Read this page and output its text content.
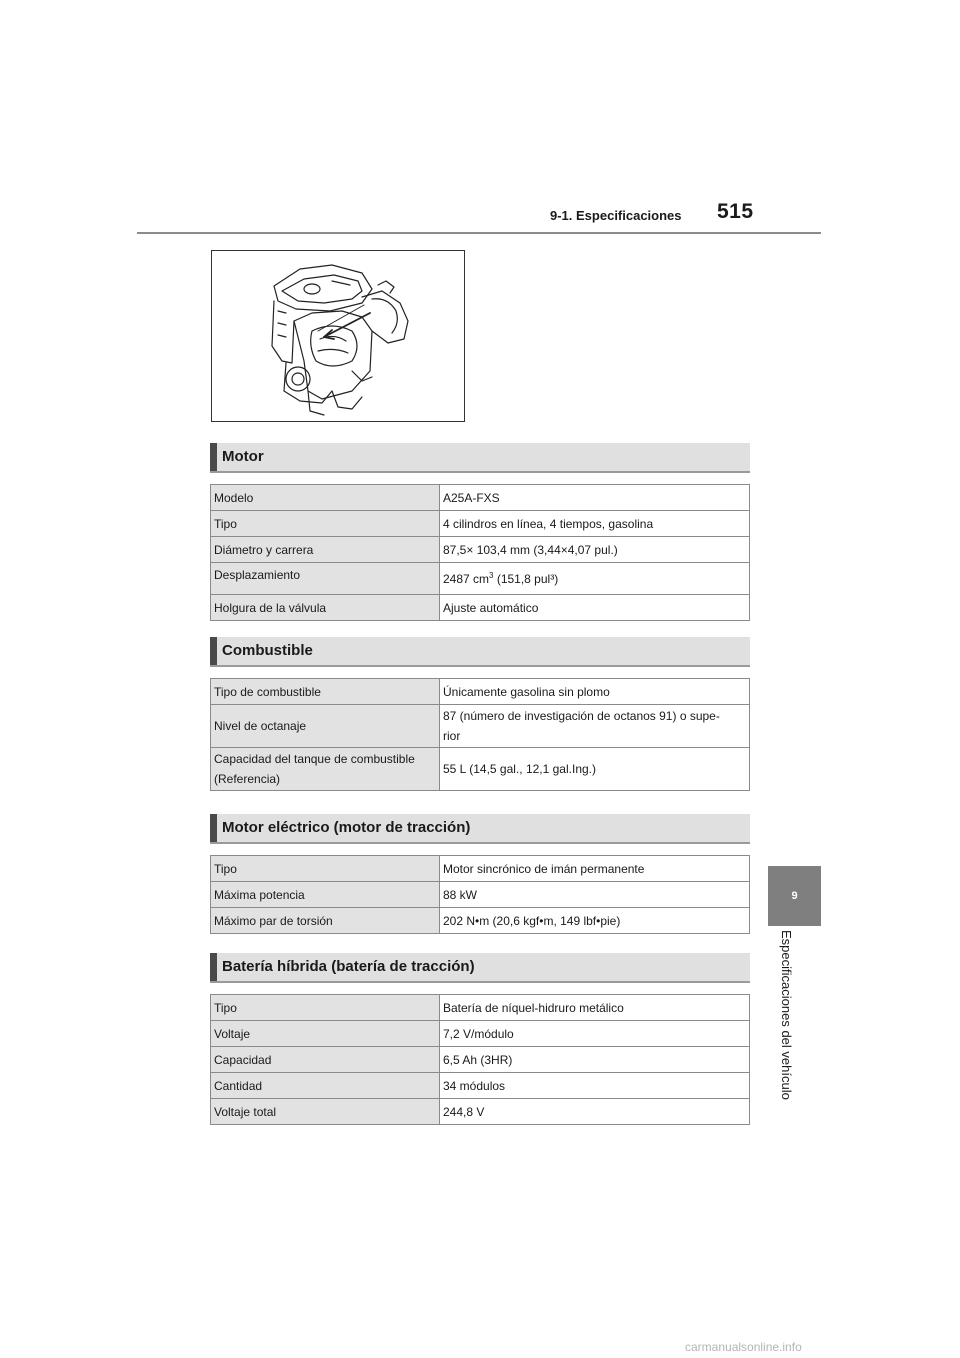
9-1. Especificaciones 515
9
Especificaciones del vehículo
Motor
Modelo	A25A-FXS
Tipo	4 cilindros en línea, 4 tiempos, gasolina
Diámetro y carrera	87,5× 103,4 mm (3,44×4,07 pul.)
Desplazamiento	2487 $cm^3$ (151,8 pul³)
Holgura de la válvula	Ajuste automático
Combustible
Tipo de combustible	Únicamente gasolina sin plomo
Nivel de octanaje	87 (número de investigación de octanos 91) o supe-
rior

Capacidad del tanque de combustible
(Referencia)	55 L (14,5 gal., 12,1 gal.Ing.)
Motor eléctrico (motor de tracción)
Tipo	Motor sincrónico de imán permanente
Máxima potencia	88 kW
Máximo par de torsión	202 N•m (20,6 kgf•m, 149 lbf•pie)
Batería híbrida (batería de tracción)
Tipo	Batería de níquel-hidruro metálico
Voltaje	7,2 V/módulo
Capacidad	6,5 Ah (3HR)
Cantidad	34 módulos
Voltaje total	244,8 V
carmanualsonline.info
